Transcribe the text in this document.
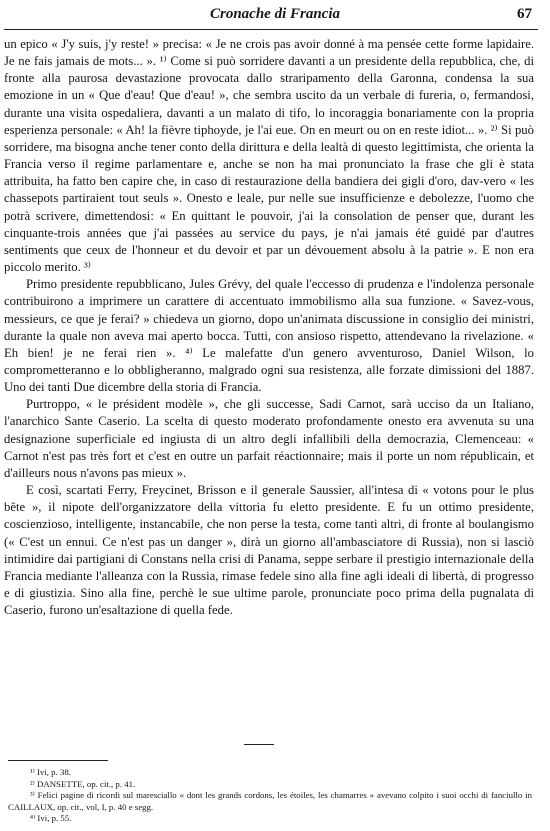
Cronache di Francia	67

un epico « J'y suis, j'y reste! » precisa: « Je ne crois pas avoir donné à ma pensée cette forme lapidaire. Je ne fais jamais de mots... ». ¹⁾ Come si può sorridere davanti a un presidente della repubblica, che, di fronte alla paurosa devastazione provocata dallo straripamento della Garonna, condensa la sua emozione in un « Que d'eau! Que d'eau! », che sembra uscito da un verbale di fureria, o, fermandosi, durante una visita ospedaliera, davanti a un malato di tifo, lo incoraggia bonariamente con la propria esperienza personale: « Ah! la fièvre tiphoyde, je l'ai eue. On en meurt ou on en reste idiot... ». ²⁾ Si può sorridere, ma bisogna anche tener conto della dirittura e della lealtà di questo legittimista, che orienta la Francia verso il regime parlamentare e, anche se non ha mai pronunciato la frase che gli è stata attribuita, ha fatto ben capire che, in caso di restaurazione della bandiera dei gigli d'oro, dav-vero « les chassepots partiraient tout seuls ». Onesto e leale, pur nelle sue insufficienze e debolezze, l'uomo che potrà scrivere, dimettendosi: « En quittant le pouvoir, j'ai la consolation de penser que, durant les cinquante-trois années que j'ai passées au service du pays, je n'ai jamais été guidé par d'autres sentiments que ceux de l'honneur et du devoir et par un dévouement absolu à la patrie ». E non era piccolo merito. ³⁾

Primo presidente repubblicano, Jules Grévy, del quale l'eccesso di prudenza e l'indolenza personale contribuirono a imprimere un carattere di accentuato immobilismo alla sua funzione. « Savez-vous, messieurs, ce que je ferai? » chiedeva un giorno, dopo un'animata discussione in consiglio dei ministri, durante la quale non aveva mai aperto bocca. Tutti, con ansioso rispetto, attendevano la rivelazione. « Eh bien! je ne ferai rien ». ⁴⁾ Le malefatte d'un genero avventuroso, Daniel Wilson, lo comprometteranno e lo obbligheranno, malgrado ogni sua resistenza, alle forzate dimissioni del 1887. Uno dei tanti Due dicembre della storia di Francia.

Purtroppo, « le président modèle », che gli successe, Sadi Carnot, sarà ucciso da un Italiano, l'anarchico Sante Caserio. La scelta di questo moderato profondamente onesto era avvenuta su una designazione superficiale ed ingiusta di un altro degli infallibili della democrazia, Clemenceau: « Carnot n'est pas très fort et c'est en outre un parfait réactionnaire; mais il porte un nom républicain, et d'ailleurs nous n'avons pas mieux ».

E così, scartati Ferry, Freycinet, Brisson e il generale Saussier, all'intesa di « votons pour le plus bête », il nipote dell'organizzatore della vittoria fu eletto presidente. E fu un ottimo presidente, coscienzioso, intelligente, instancabile, che non perse la testa, come tanti altri, di fronte al boulangismo (« C'est un ennui. Ce n'est pas un danger », dirà un giorno all'ambasciatore di Russia), non si lasciò intimidire dai partigiani di Constans nella crisi di Panama, seppe serbare il prestigio internazionale della Francia mediante l'alleanza con la Russia, rimase fedele sino alla fine agli ideali di libertà, di progresso e di giustizia. Sino alla fine, perchè le sue ultime parole, pronunciate poco prima della pugnalata di Caserio, furono un'esaltazione di quella fede.

¹⁾ Ivi, p. 38.

²⁾ DANSETTE, op. cit., p. 41.

³⁾ Felici pagine di ricordi sul maresciallo « dont les grands cordons, les étoiles, les chamarres » avevano colpito i suoi occhi di fanciullo in CAILLAUX, op. cit., vol, I, p. 40 e segg.

⁴⁾ Ivi, p. 55.
